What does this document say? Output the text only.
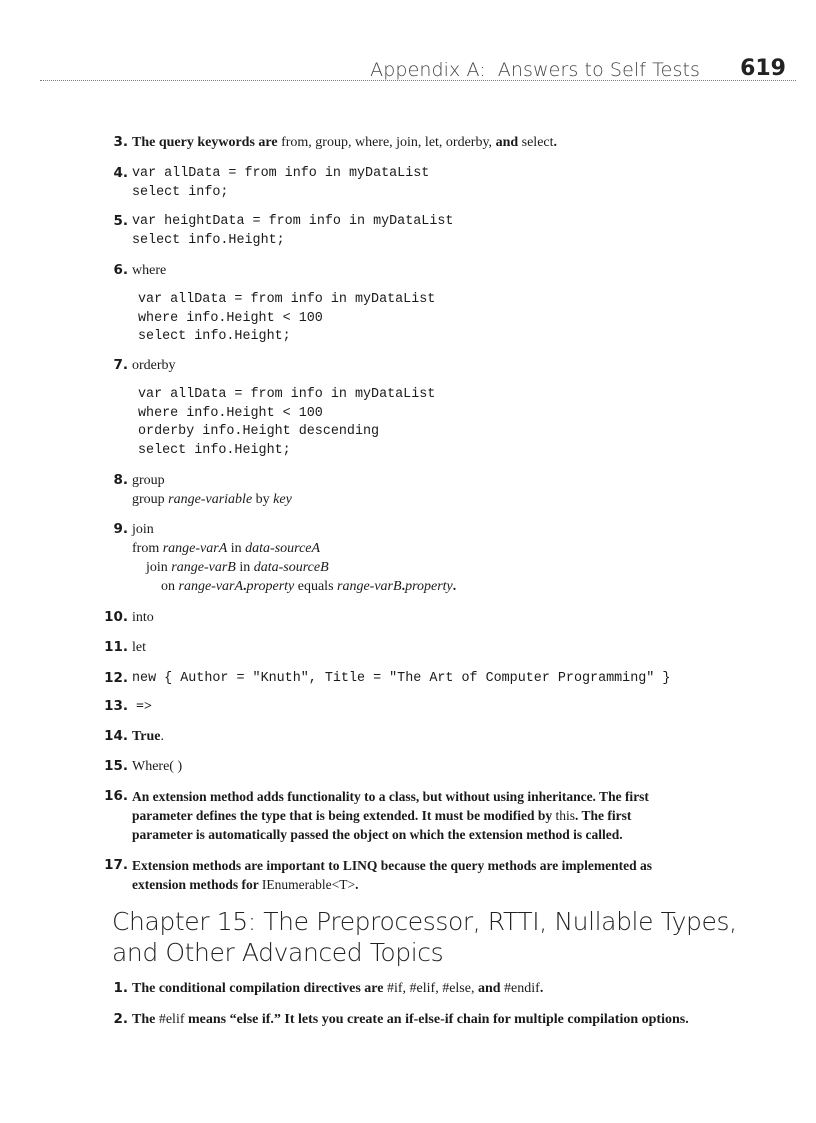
Appendix A: Answers to Self Tests 619
3. The query keywords are from, group, where, join, let, orderby, and select.
4. var allData = from info in myDataList
select info;
5. var heightData = from info in myDataList
select info.Height;
6. where
var allData = from info in myDataList
where info.Height < 100
select info.Height;
7. orderby
var allData = from info in myDataList
where info.Height < 100
orderby info.Height descending
select info.Height;
8. group
group range-variable by key
9. join
from range-varA in data-sourceA
join range-varB in data-sourceB
on range-varA.property equals range-varB.property.
10. into
11. let
12. new { Author = "Knuth", Title = "The Art of Computer Programming" }
13. =>
14. True.
15. Where( )
16. An extension method adds functionality to a class, but without using inheritance. The first
parameter defines the type that is being extended. It must be modified by this. The first
parameter is automatically passed the object on which the extension method is called.
17. Extension methods are important to LINQ because the query methods are implemented as
extension methods for IEnumerable<T>.
Chapter 15: The Preprocessor, RTTI, Nullable Types,
and Other Advanced Topics
1. The conditional compilation directives are #if, #elif, #else, and #endif.
2. The #elif means “else if.” It lets you create an if-else-if chain for multiple compilation options.
